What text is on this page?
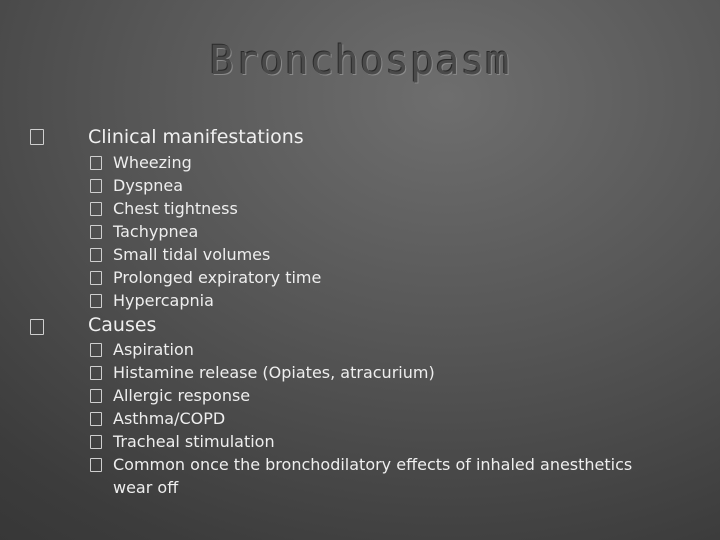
Bronchospasm
Clinical manifestations
Wheezing
Dyspnea
Chest tightness
Tachypnea
Small tidal volumes
Prolonged expiratory time
Hypercapnia
Causes
Aspiration
Histamine release (Opiates, atracurium)
Allergic response
Asthma/COPD
Tracheal stimulation
Common once the bronchodilatory effects of inhaled anesthetics wear off
